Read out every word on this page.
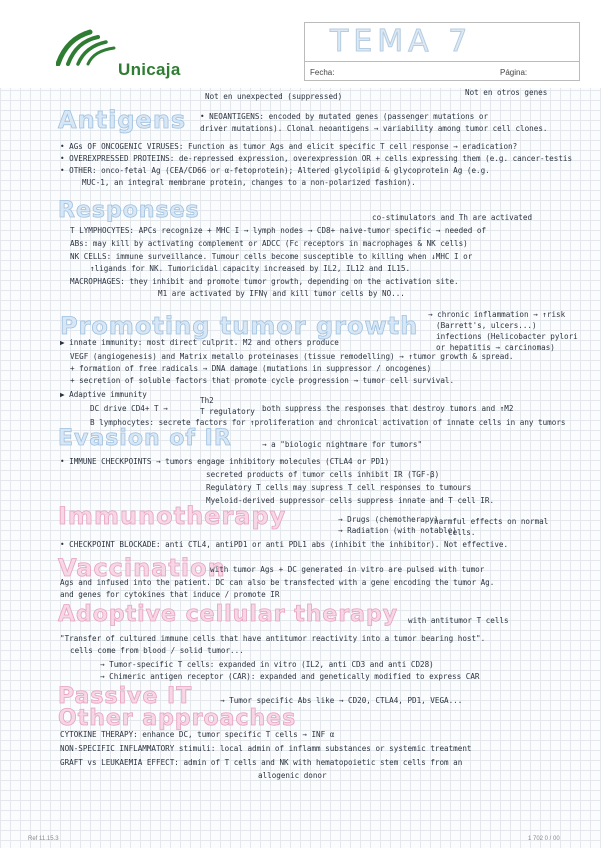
Unicaja
TEMA 7
Fecha:	Página:
Antigens
Responses
Promoting tumor growth
Evasion of IR
Immunotherapy
Vaccination
Adoptive cellular therapy
Passive IT
Other approaches
Not en unexpected (suppressed)	Not en otros genes
• NEOANTIGENS: encoded by mutated genes (passenger mutations or
driver mutations). Clonal neoantigens → variability among tumor cell clones.
• AGs OF ONCOGENIC VIRUSES: Function as tumor Ags and elicit specific T cell response → eradication?
• OVEREXPRESSED PROTEINS: de-repressed expression, overexpression OR + cells expressing them (e.g. cancer-testis
• OTHER: onco-fetal Ag (CEA/CD66 or α-fetoprotein); Altered glycolipid & glycoprotein Ag (e.g.
MUC-1, an integral membrane protein, changes to a non-polarized fashion).
co-stimulators and Th are activated
T LYMPHOCYTES: APCs recognize + MHC I → lymph nodes → CD8+ naive-tumor specific → needed of
ABs: may kill by activating complement or ADCC (Fc receptors in macrophages & NK cells)
NK CELLS: immune surveillance. Tumour cells become susceptible to killing when ↓MHC I or
↑ligands for NK. Tumoricidal capacity increased by IL2, IL12 and IL15.
MACROPHAGES: they inhibit and promote tumor growth, depending on the activation site.
M1 are activated by IFNγ and kill tumor cells by NO...
→ chronic inflammation → ↑risk
(Barrett's, ulcers...)
infections (Helicobacter pylori
or hepatitis → carcinomas)
▶ innate immunity: most direct culprit. M2 and others produce
VEGF (angiogenesis) and Matrix metallo proteinases (tissue remodelling) → ↑tumor growth & spread.
+ formation of free radicals → DNA damage (mutations in suppressor / oncogenes)
+ secretion of soluble factors that promote cycle progression → tumor cell survival.
▶ Adaptive immunity
Th2
T regulatory
DC drive CD4+ T →	both suppress the responses that destroy tumors and ↑M2
B lymphocytes: secrete factors for ↑proliferation and chronical activation of innate cells in any tumors
→ a "biologic nightmare for tumors"
• IMMUNE CHECKPOINTS → tumors engage inhibitory molecules (CTLA4 or PD1)
secreted products of tumor cells inhibit IR (TGF-β)
Regulatory T cells may supress T cell responses to tumours
Myeloid-derived suppressor cells suppress innate and T cell IR.
→ Drugs (chemotherapy)
→ Radiation (with notable)
harmful effects on normal
cells.
• CHECKPOINT BLOCKADE: anti CTL4, antiPD1 or anti PDL1 abs (inhibit the inhibitor). Not effective.
with tumor Ags + DC generated in vitro are pulsed with tumor
Ags and infused into the patient. DC can also be transfected with a gene encoding the tumor Ag.
and genes for cytokines that induce / promote IR
with antitumor T cells
"Transfer of cultured immune cells that have antitumor reactivity into a tumor bearing host".
cells come from blood / solid tumor...
→ Tumor-specific T cells: expanded in vitro (IL2, anti CD3 and anti CD28)
→ Chimeric antigen receptor (CAR): expanded and genetically modified to express CAR
→ Tumor specific Abs like → CD20, CTLA4, PD1, VEGA...
CYTOKINE THERAPY: enhance DC, tumor specific T cells → INF α
NON-SPECIFIC INFLAMMATORY stimuli: local admin of inflamm substances or systemic treatment
GRAFT vs LEUKAEMIA EFFECT: admin of T cells and NK with hematopoietic stem cells from an
allogenic donor
Ref 11.15.3	1 702 0 / 00
